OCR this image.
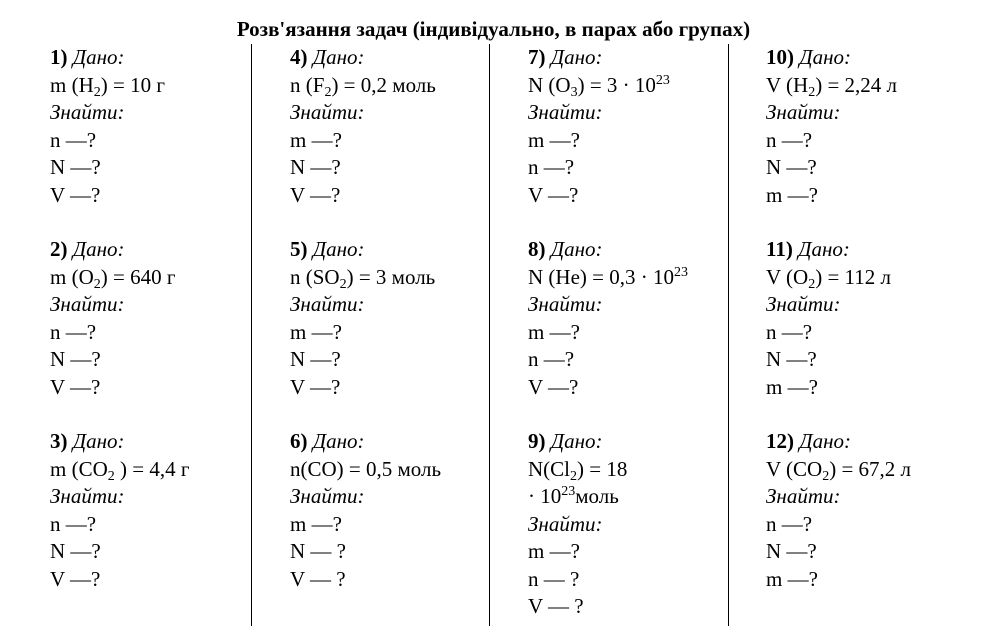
Розв'язання задач (індивідуально, в парах або групах)
1) Дано:
m $(H_2) = 10$ г
Знайти:
n —?
N —?
V —?
2) Дано:
m $(O_2) = 640$ г
Знайти:
n —?
N —?
V —?
3) Дано:
m ($CO_2$ ) = 4,4 г
Знайти:
n —?
N —?
V —?
4) Дано:
n $(F_2) = 0,2$ моль
Знайти:
m —?
N —?
V —?
5) Дано:
n $(SO_2) = 3$ моль
Знайти:
m —?
N —?
V —?
6) Дано:
n(CO) = 0,5 моль
Знайти:
m —?
N — ?
V — ?
7) Дано:
N $(O_3) = 3 \cdot 10^{23}$
Знайти:
m —?
n —?
V —?
8) Дано:
N $(He) = 0,3 \cdot 10^{23}$
Знайти:
m —?
n —?
V —?
9) Дано:
$N(Cl_2) = 18$
· $10^{23}моль$
Знайти:
m —?
n — ?
V — ?
10) Дано:
V $(H_2) = 2,24$ л
Знайти:
n —?
N —?
m —?
11) Дано:
V $(O_2) = 112$ л
Знайти:
n —?
N —?
m —?
12) Дано:
V $(CO_2) = 67,2$ л
Знайти:
n —?
N —?
m —?
